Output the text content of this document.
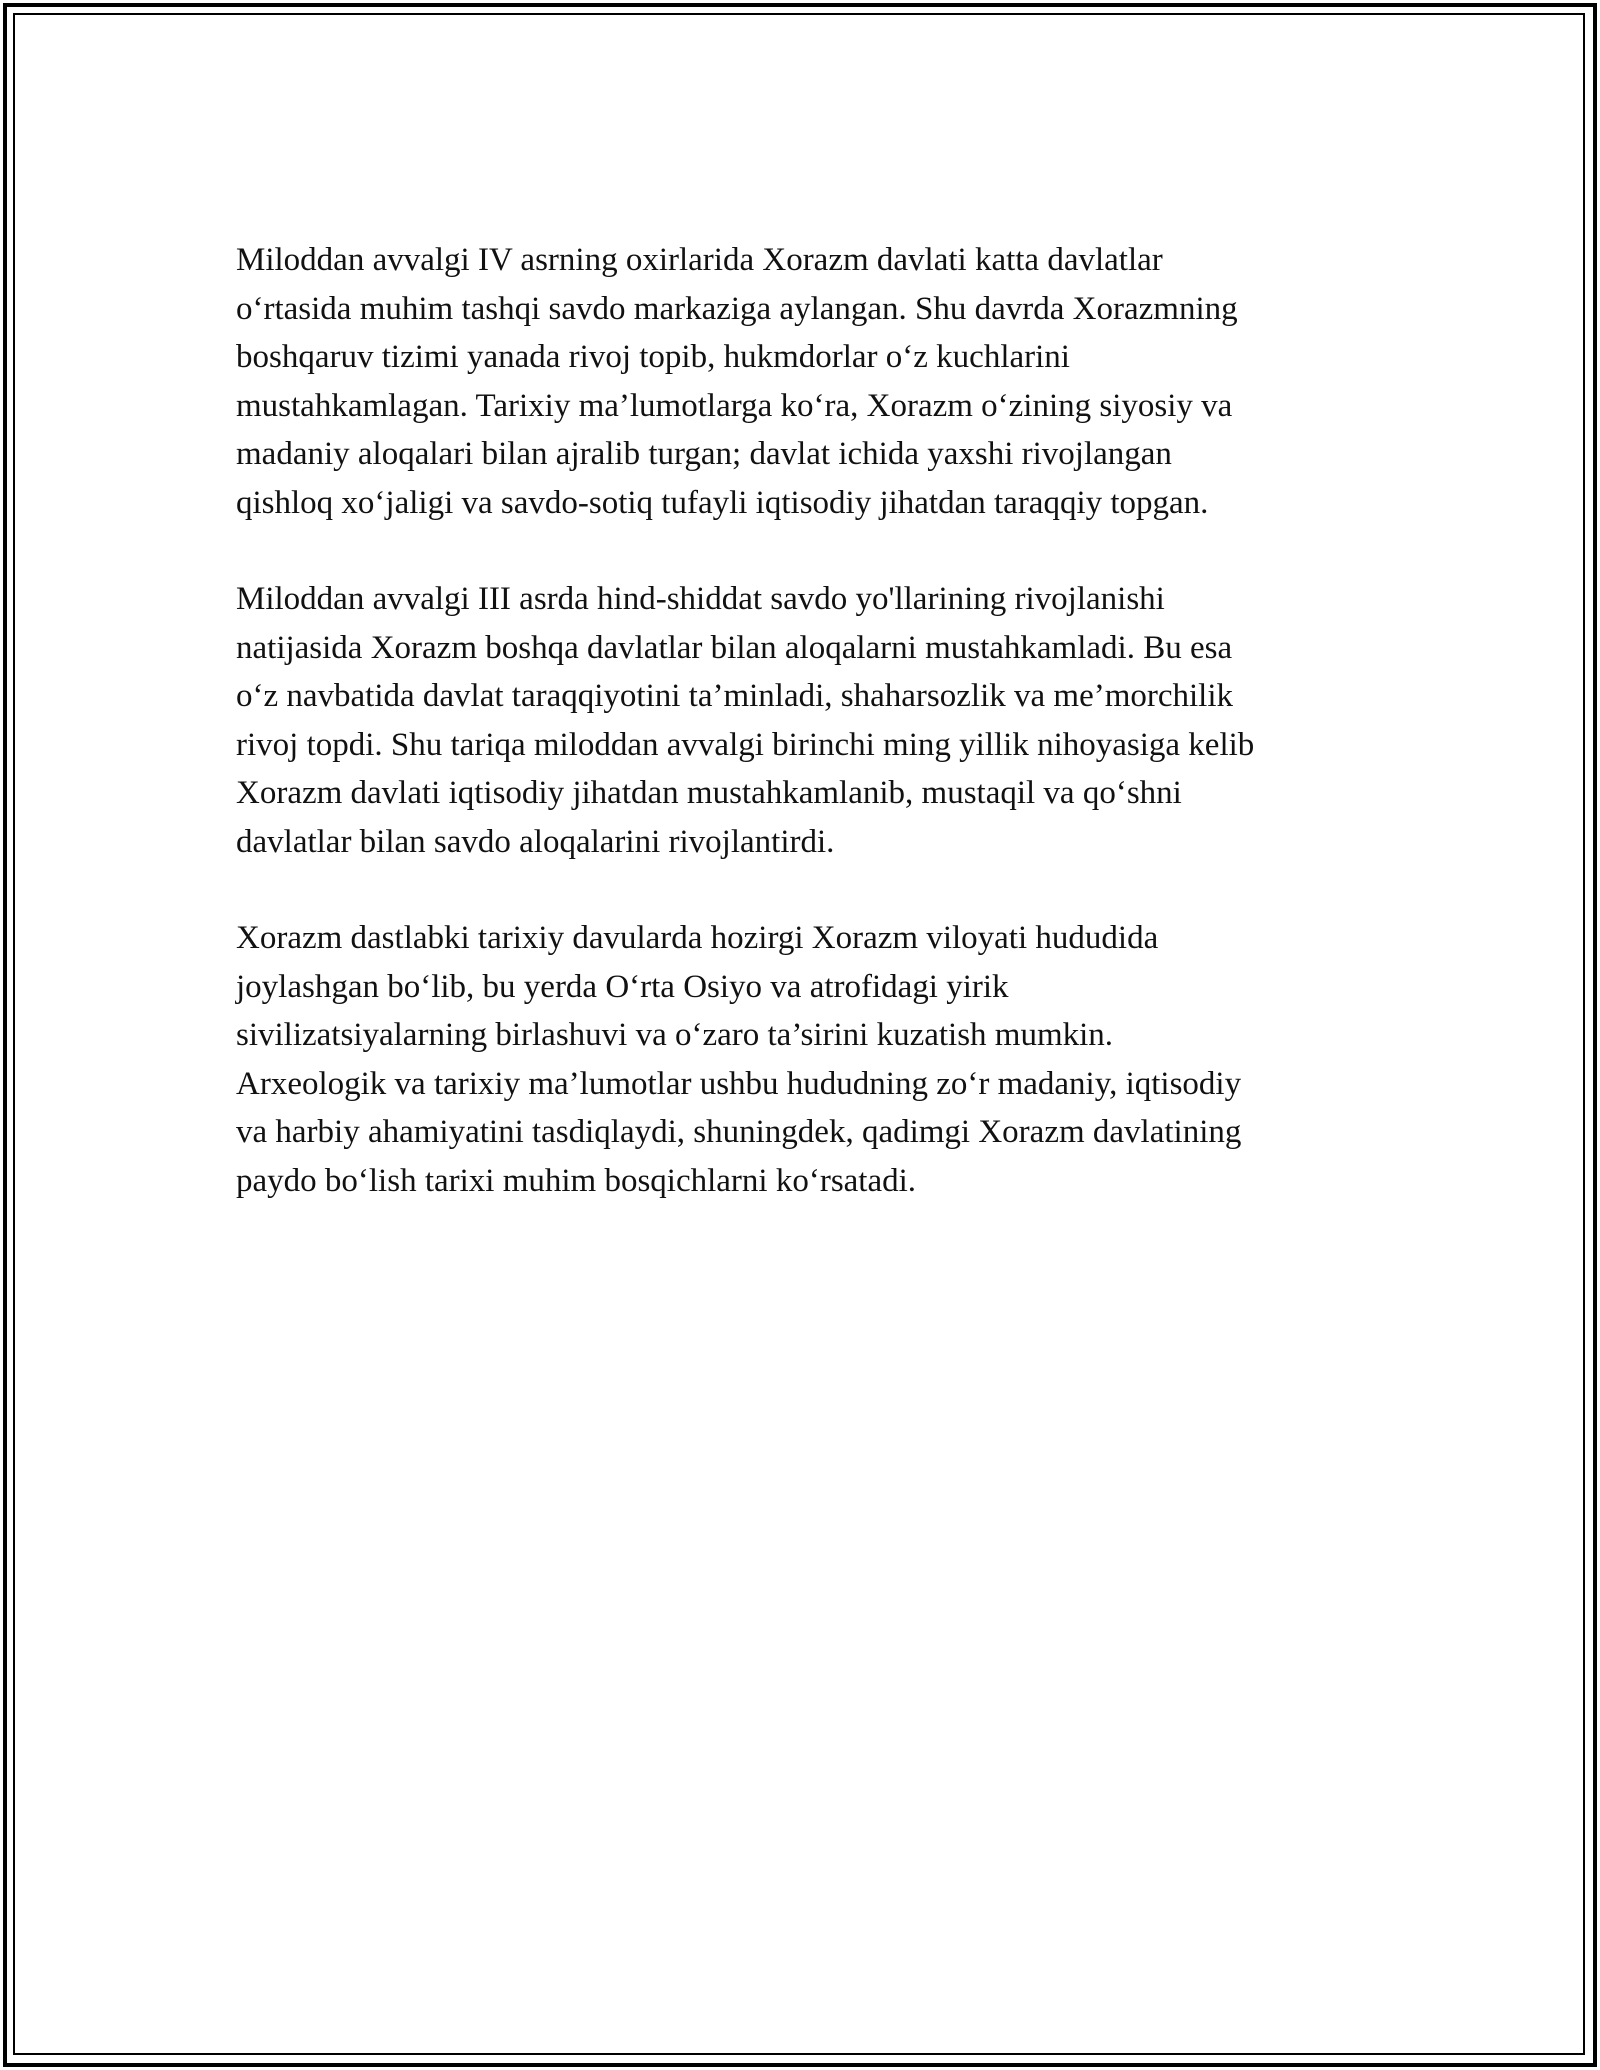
Miloddan avvalgi IV asrning oxirlarida Xorazm davlati katta davlatlar
o‘rtasida muhim tashqi savdo markaziga aylangan. Shu davrda Xorazmning
boshqaruv tizimi yanada rivoj topib, hukmdorlar o‘z kuchlarini
mustahkamlagan. Tarixiy ma’lumotlarga ko‘ra, Xorazm o‘zining siyosiy va
madaniy aloqalari bilan ajralib turgan; davlat ichida yaxshi rivojlangan
qishloq xo‘jaligi va savdo-sotiq tufayli iqtisodiy jihatdan taraqqiy topgan.

Miloddan avvalgi III asrda hind-shiddat savdo yo'llarining rivojlanishi
natijasida Xorazm boshqa davlatlar bilan aloqalarni mustahkamladi. Bu esa
o‘z navbatida davlat taraqqiyotini ta’minladi, shaharsozlik va me’morchilik
rivoj topdi. Shu tariqa miloddan avvalgi birinchi ming yillik nihoyasiga kelib
Xorazm davlati iqtisodiy jihatdan mustahkamlanib, mustaqil va qo‘shni
davlatlar bilan savdo aloqalarini rivojlantirdi.

Xorazm dastlabki tarixiy davularda hozirgi Xorazm viloyati hududida
joylashgan bo‘lib, bu yerda O‘rta Osiyo va atrofidagi yirik
sivilizatsiyalarning birlashuvi va o‘zaro ta’sirini kuzatish mumkin.
Arxeologik va tarixiy ma’lumotlar ushbu hududning zo‘r madaniy, iqtisodiy
va harbiy ahamiyatini tasdiqlaydi, shuningdek, qadimgi Xorazm davlatining
paydo bo‘lish tarixi muhim bosqichlarni ko‘rsatadi.
